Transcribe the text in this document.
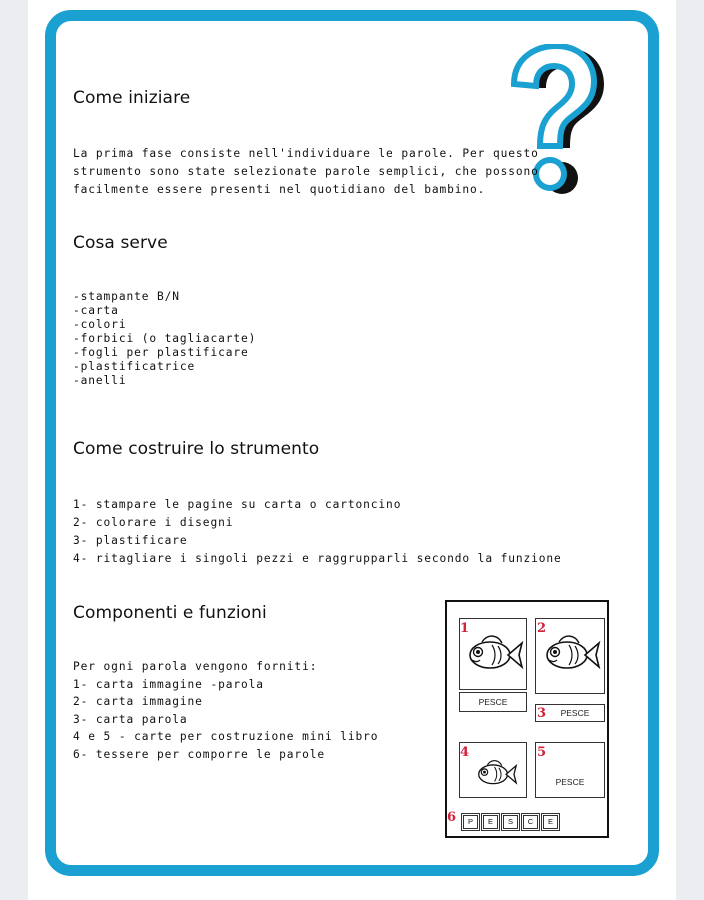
Come iniziare
La prima fase consiste nell'individuare le parole. Per questo
strumento sono state selezionate parole semplici, che possono
facilmente essere presenti nel quotidiano del bambino.
Cosa serve
-stampante B/N
-carta
-colori
-forbici (o tagliacarte)
-fogli per plastificare
-plastificatrice
-anelli
Come costruire lo strumento
1- stampare le pagine su carta o cartoncino
2- colorare i disegni
3- plastificare
4- ritagliare i singoli pezzi e raggrupparli secondo la funzione
Componenti e funzioni
Per ogni parola vengono forniti:
1- carta immagine -parola
2- carta immagine
3- carta parola
4 e 5 - carte per costruzione mini libro
6- tessere per comporre le parole
PESCE
1	2
PESCE
3
4
PESCE
5
6	P	E	S	C	E
